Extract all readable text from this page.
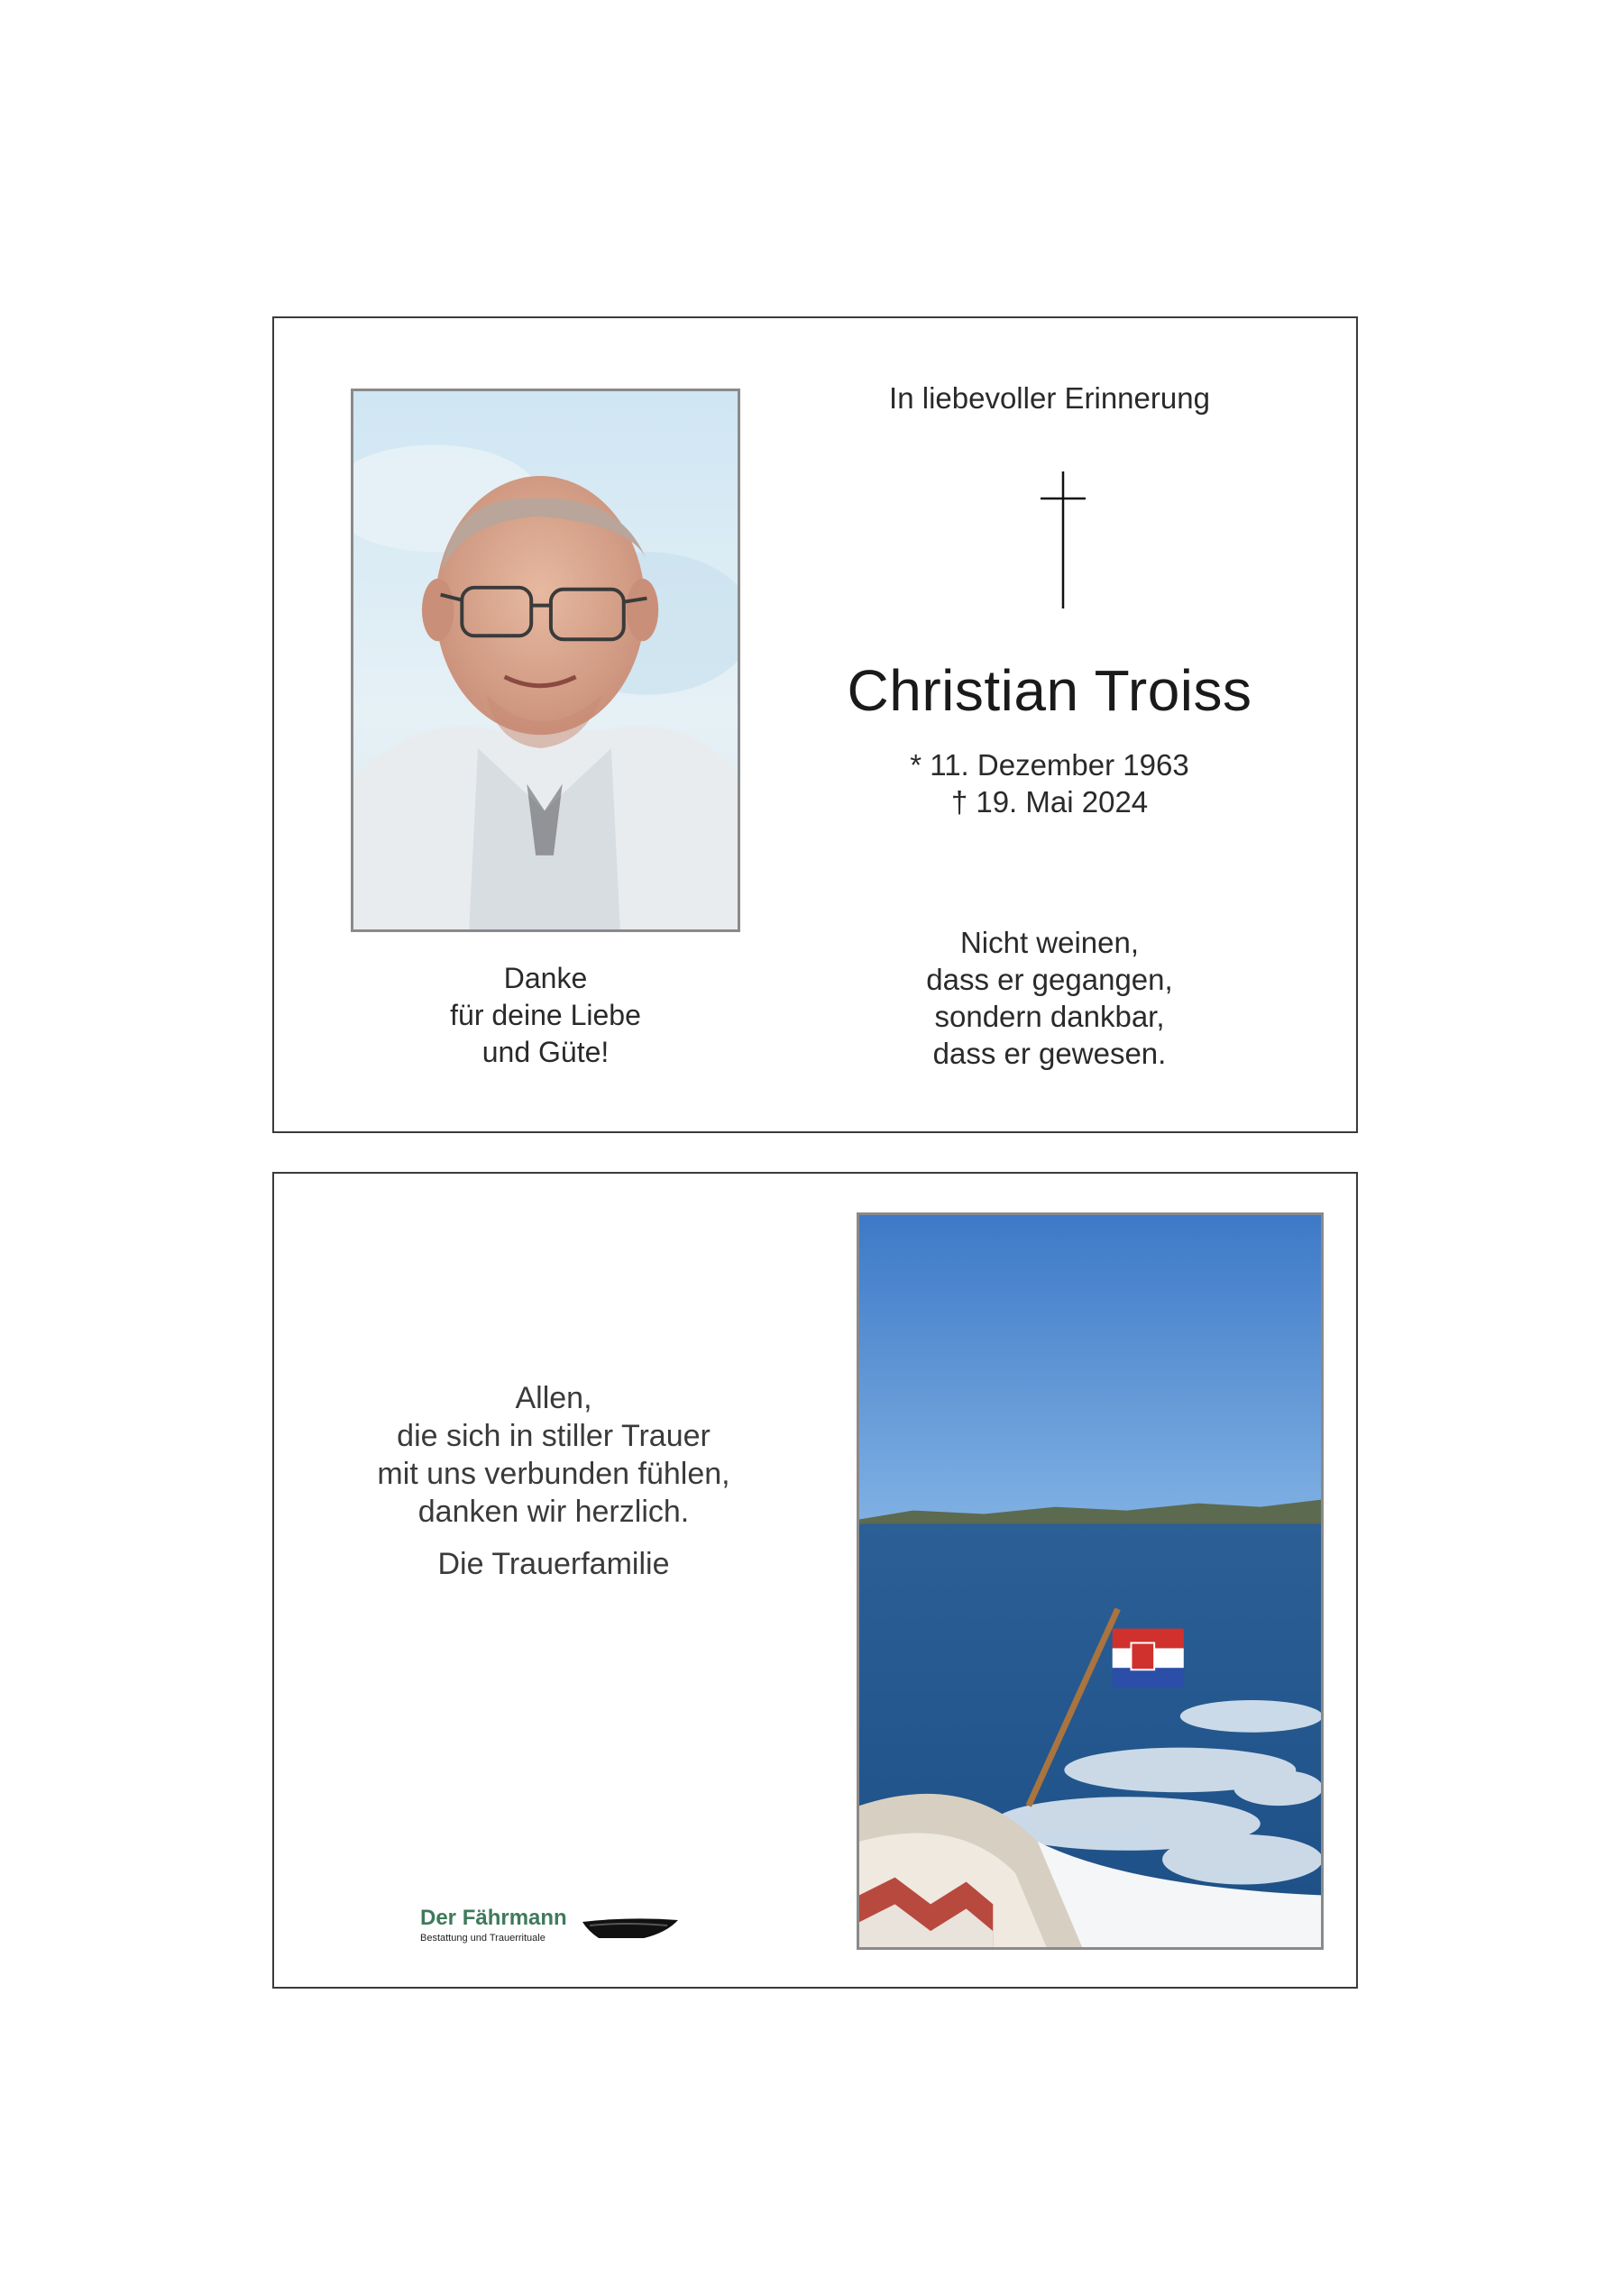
Danke
für deine Liebe
und Güte!
In liebevoller Erinnerung
Christian Troiss
* 11. Dezember 1963
† 19. Mai 2024
Nicht weinen,
dass er gegangen,
sondern dankbar,
dass er gewesen.
Allen,
die sich in stiller Trauer
mit uns verbunden fühlen,
danken wir herzlich.
Die Trauerfamilie
Der Fährmann
Bestattung und Trauerrituale
